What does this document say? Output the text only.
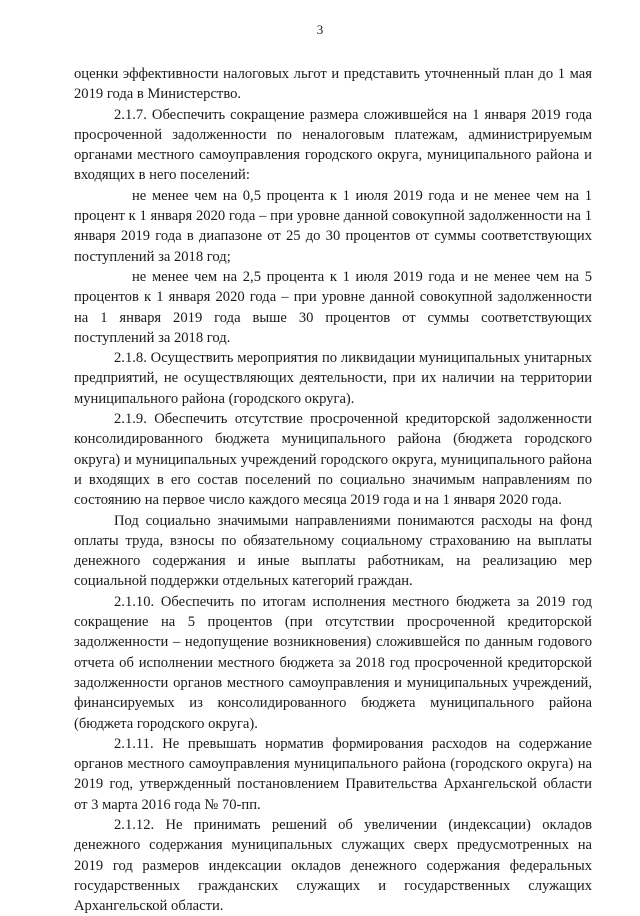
3

оценки эффективности налоговых льгот и представить уточненный план до 1 мая 2019 года в Министерство.

2.1.7. Обеспечить сокращение размера сложившейся на 1 января 2019 года просроченной задолженности по неналоговым платежам, администрируемым органами местного самоуправления городского округа, муниципального района и входящих в него поселений:

не менее чем на 0,5 процента к 1 июля 2019 года и не менее чем на 1 процент к 1 января 2020 года – при уровне данной совокупной задолженности на 1 января 2019 года в диапазоне от 25 до 30 процентов от суммы соответствующих поступлений за 2018 год;

не менее чем на 2,5 процента к 1 июля 2019 года и не менее чем на 5 процентов к 1 января 2020 года – при уровне данной совокупной задолженности на 1 января 2019 года выше 30 процентов от суммы соответствующих поступлений за 2018 год.

2.1.8. Осуществить мероприятия по ликвидации муниципальных унитарных предприятий, не осуществляющих деятельности, при их наличии на территории муниципального района (городского округа).

2.1.9. Обеспечить отсутствие просроченной кредиторской задолженности консолидированного бюджета муниципального района (бюджета городского округа) и муниципальных учреждений городского округа, муниципального района и входящих в его состав поселений по социально значимым направлениям по состоянию на первое число каждого месяца 2019 года и на 1 января 2020 года.

Под социально значимыми направлениями понимаются расходы на фонд оплаты труда, взносы по обязательному социальному страхованию на выплаты денежного содержания и иные выплаты работникам, на реализацию мер социальной поддержки отдельных категорий граждан.

2.1.10. Обеспечить по итогам исполнения местного бюджета за 2019 год сокращение на 5 процентов (при отсутствии просроченной кредиторской задолженности – недопущение возникновения) сложившейся по данным годового отчета об исполнении местного бюджета за 2018 год просроченной кредиторской задолженности органов местного самоуправления и муниципальных учреждений, финансируемых из консолидированного бюджета муниципального района (бюджета городского округа).

2.1.11. Не превышать норматив формирования расходов на содержание органов местного самоуправления муниципального района (городского округа) на 2019 год, утвержденный постановлением Правительства Архангельской области от 3 марта 2016 года № 70-пп.

2.1.12. Не принимать решений об увеличении (индексации) окладов денежного содержания муниципальных служащих сверх предусмотренных на 2019 год размеров индексации окладов денежного содержания федеральных государственных гражданских служащих и государственных служащих Архангельской области.
